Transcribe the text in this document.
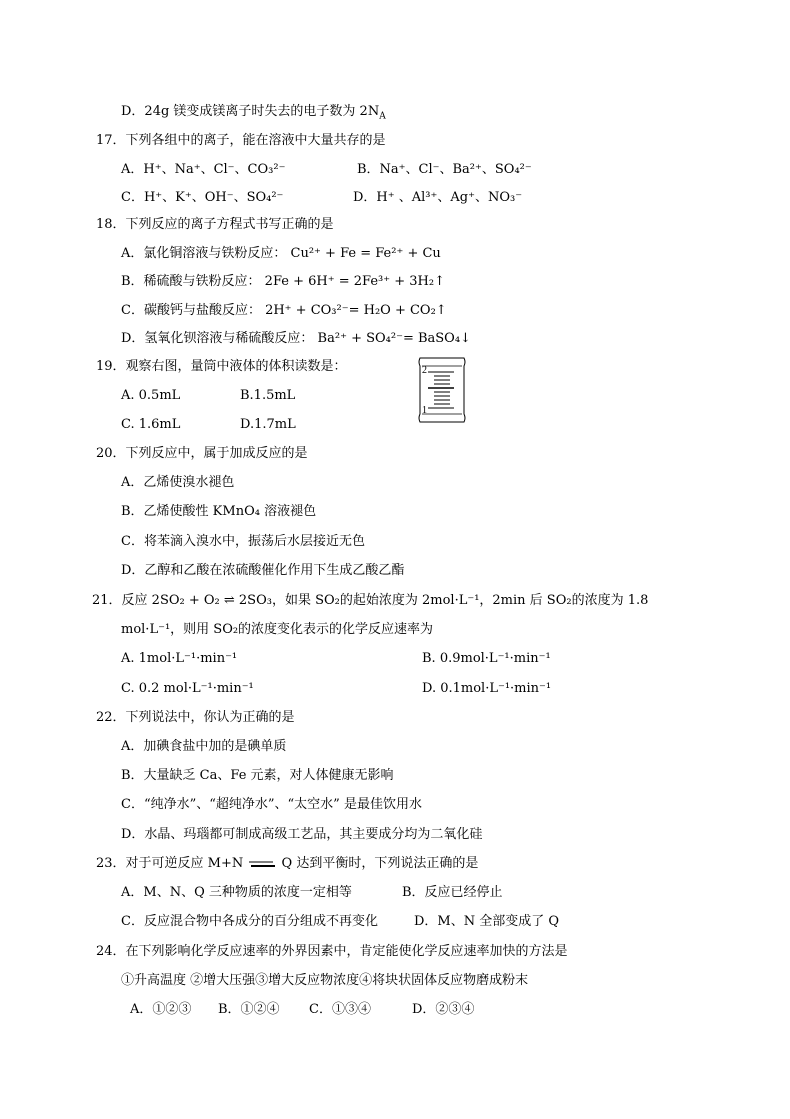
D．24g 镁变成镁离子时失去的电子数为 $2N_A$
17．下列各组中的离子，能在溶液中大量共存的是
A．H⁺、Na⁺、Cl⁻、CO₃²⁻	B．Na⁺、Cl⁻、Ba²⁺、SO₄²⁻
C．H⁺、K⁺、OH⁻、SO₄²⁻	D．H⁺ 、Al³⁺、Ag⁺、NO₃⁻
18．下列反应的离子方程式书写正确的是
A．氯化铜溶液与铁粉反应： Cu²⁺ + Fe = Fe²⁺ + Cu
B．稀硫酸与铁粉反应： 2Fe + 6H⁺ = 2Fe³⁺ + 3H₂↑
C．碳酸钙与盐酸反应： 2H⁺ + CO₃²⁻= H₂O + CO₂↑
D．氢氧化钡溶液与稀硫酸反应： Ba²⁺ + SO₄²⁻= BaSO₄↓
19．观察右图，量筒中液体的体积读数是：
A. 0.5mL	B.1.5mL
C. 1.6mL	D.1.7mL
2
1
20．下列反应中，属于加成反应的是
A．乙烯使溴水褪色
B．乙烯使酸性 KMnO₄ 溶液褪色
C．将苯滴入溴水中，振荡后水层接近无色
D．乙醇和乙酸在浓硫酸催化作用下生成乙酸乙酯
21．反应 2SO₂ + O₂ ⇌ 2SO₃，如果 SO₂的起始浓度为 2mol·L⁻¹，2min 后 SO₂的浓度为 1.8
mol·L⁻¹，则用 SO₂的浓度变化表示的化学反应速率为
A. 1mol·L⁻¹·min⁻¹	B. 0.9mol·L⁻¹·min⁻¹
C. 0.2 mol·L⁻¹·min⁻¹	D. 0.1mol·L⁻¹·min⁻¹
22．下列说法中，你认为正确的是
A．加碘食盐中加的是碘单质
B．大量缺乏 Ca、Fe 元素，对人体健康无影响
C．“纯净水”、“超纯净水”、“太空水” 是最佳饮用水
D．水晶、玛瑙都可制成高级工艺品，其主要成分均为二氧化硅
23．对于可逆反应 M+N	Q 达到平衡时，下列说法正确的是
A．M、N、Q 三种物质的浓度一定相等	B．反应已经停止
C．反应混合物中各成分的百分组成不再变化	D．M、N 全部变成了 Q
24．在下列影响化学反应速率的外界因素中，肯定能使化学反应速率加快的方法是
①升高温度 ②增大压强③增大反应物浓度④将块状固体反应物磨成粉末
A．①②③ B．①②④ C．①③④	D．②③④
